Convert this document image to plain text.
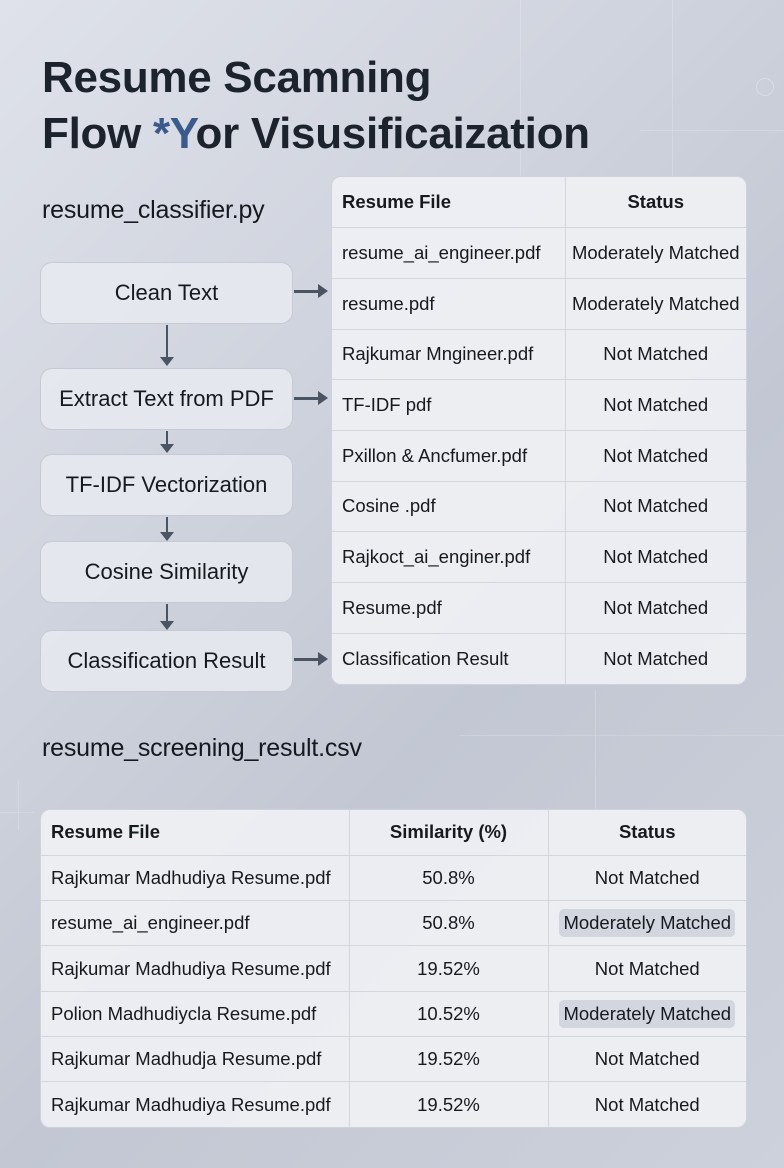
Resume Scamning
Flow *Yor Visusificaization
resume_classifier.py
Clean Text
Extract Text from PDF
TF-IDF Vectorization
Cosine Similarity
Classification Result
Resume File	Status
resume_ai_engineer.pdf	Moderately Matched
resume.pdf	Moderately Matched
Rajkumar Mngineer.pdf	Not Matched
TF-IDF pdf	Not Matched
Pxillon & Ancfumer.pdf	Not Matched
Cosine .pdf	Not Matched
Rajkoct_ai_enginer.pdf	Not Matched
Resume.pdf	Not Matched
Classification Result	Not Matched
resume_screening_result.csv
Resume File	Similarity (%)	Status
Rajkumar Madhudiya Resume.pdf	50.8%	Not Matched
resume_ai_engineer.pdf	50.8%	Moderately Matched
Rajkumar Madhudiya Resume.pdf	19.52%	Not Matched
Polion Madhudiycla Resume.pdf	10.52%	Moderately Matched
Rajkumar Madhudja Resume.pdf	19.52%	Not Matched
Rajkumar Madhudiya Resume.pdf	19.52%	Not Matched
